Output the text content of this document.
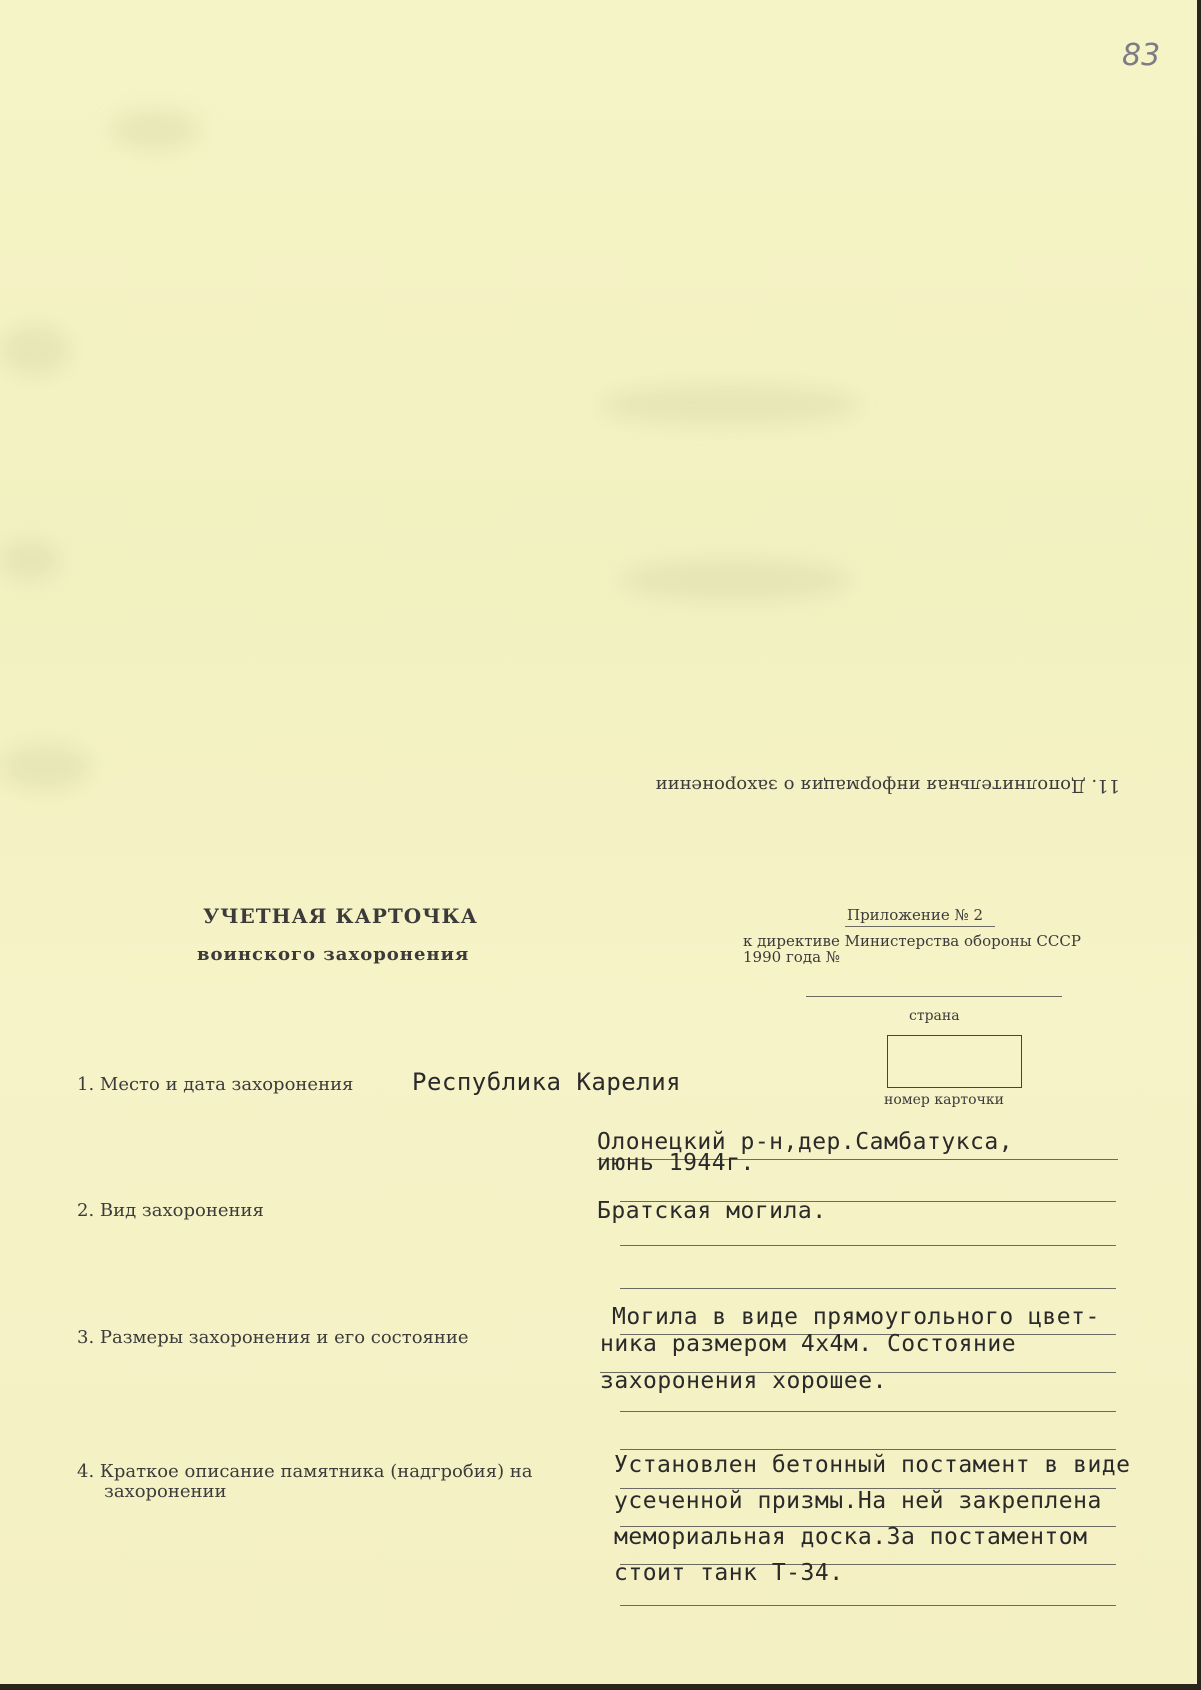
83
11. Дополнительная информация о захоронении
УЧЕТНАЯ КАРТОЧКА
воинского захоронения
Приложение № 2
к директиве Министерства обороны СССР
1990 года №
страна
номер карточки
1. Место и дата захоронения Республика Карелия
Олонецкий р-н,дер.Самбатукса,
июнь 1944г.
2. Вид захоронения	Братская могила.
3. Размеры захоронения и его состояние
Могила в виде прямоугольного цвет-
ника размером 4х4м. Состояние
захоронения хорошее.
4. Краткое описание памятника (надгробия) на
захоронении
Установлен бетонный постамент в виде
усеченной призмы.На ней закреплена
мемориальная доска.За постаментом
стоит танк Т-34.
